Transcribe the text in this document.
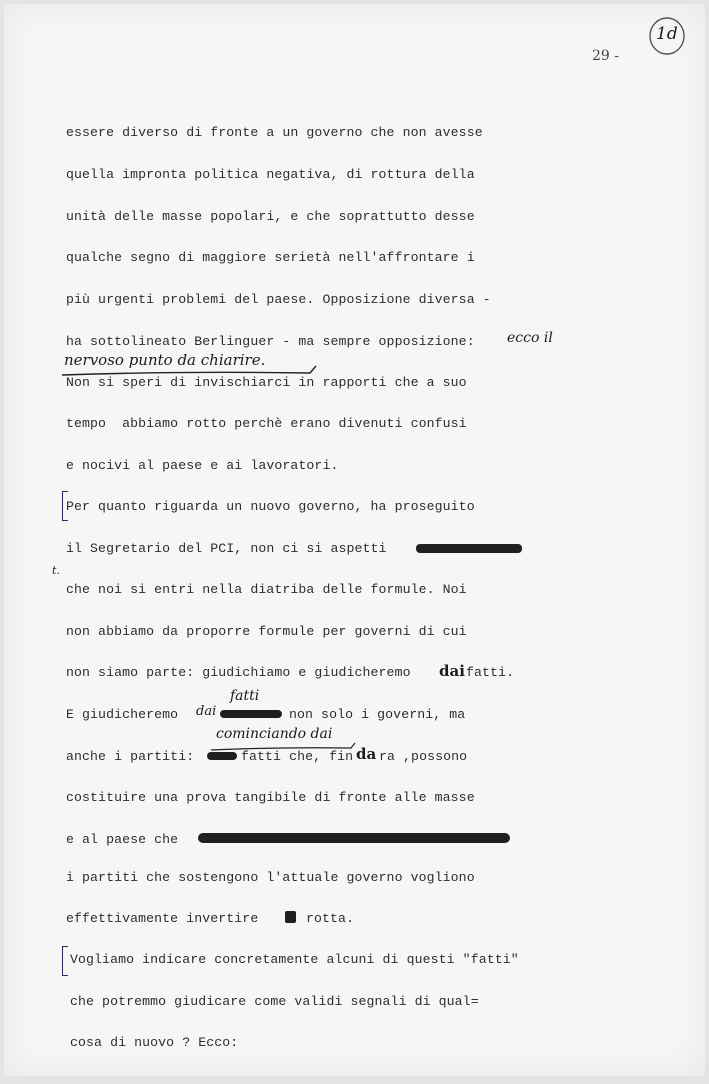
1d
29 -
essere diverso di fronte a un governo che non avesse
quella impronta politica negativa, di rottura della
unità delle masse popolari, e che soprattutto desse
qualche segno di maggiore serietà nell'affrontare i
più urgenti problemi del paese. Opposizione diversa -
ha sottolineato Berlinguer - ma sempre opposizione: ecco il
nervoso punto da chiarire.
Non si speri di invischiarci in rapporti che a suo
tempo  abbiamo rotto perchè erano divenuti confusi
e nocivi al paese e ai lavoratori.
Per quanto riguarda un nuovo governo, ha proseguito
il Segretario del PCI, non ci si aspetti
t.
che noi si entri nella diatriba delle formule. Noi
non abbiamo da proporre formule per governi di cui
non siamo parte: giudichiamo e giudicheremo dai fatti.
fatti
E giudicheremo dai	non solo i governi, ma
cominciando dai
anche i partiti:	fatti che, fin da ra ,possono
costituire una prova tangibile di fronte alle masse
e al paese che
i partiti che sostengono l'attuale governo vogliono
effettivamente invertire	rotta.
Vogliamo indicare concretamente alcuni di questi "fatti"
che potremmo giudicare come validi segnali di qual=
cosa di nuovo ? Ecco:
